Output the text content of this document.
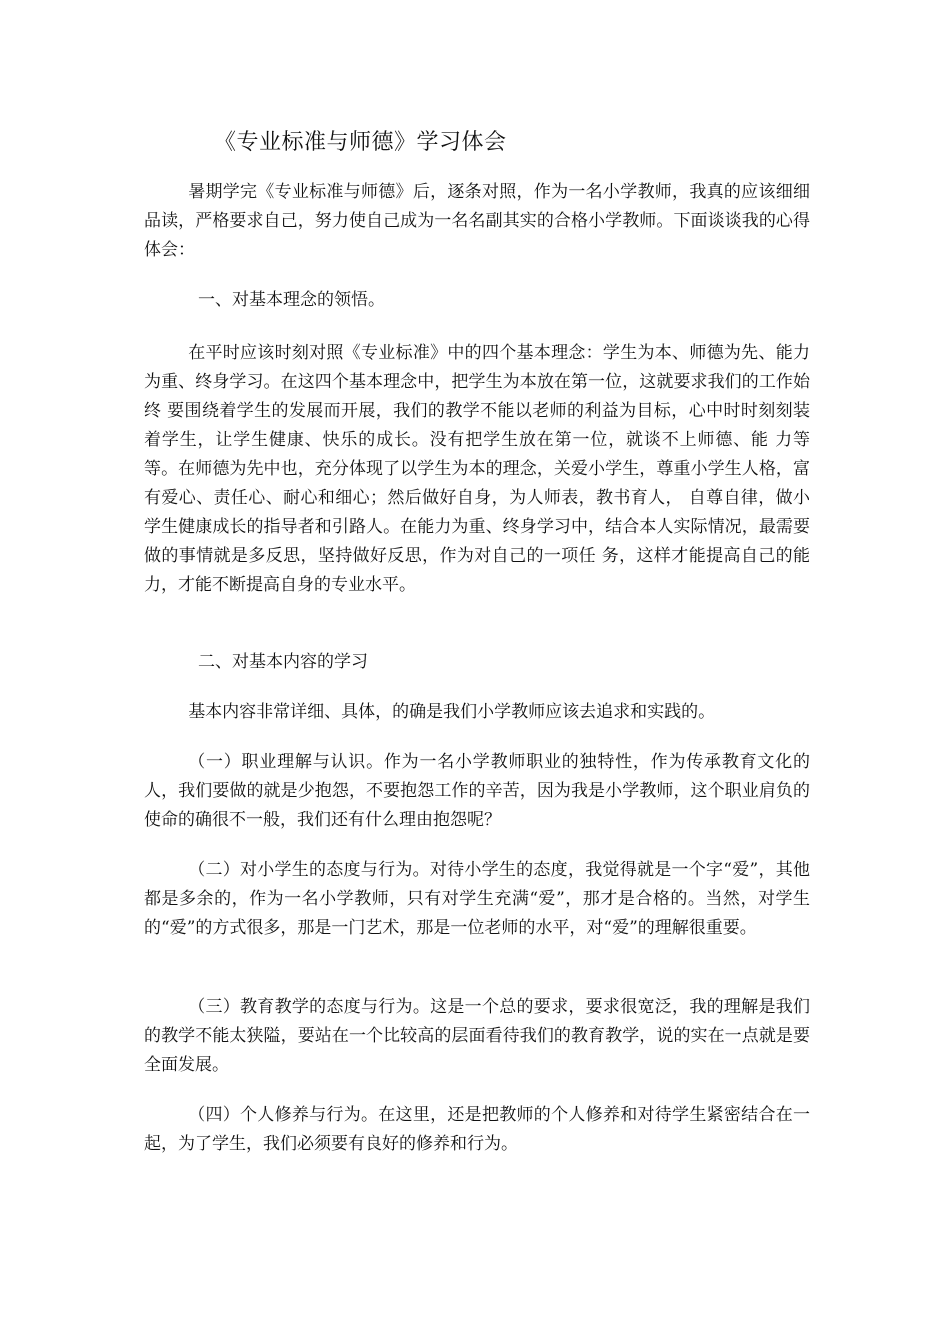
《专业标准与师德》学习体会

暑期学完《专业标准与师德》后，逐条对照，作为一名小学教师，我真的应该细细品读，严格要求自己，努力使自己成为一名名副其实的合格小学教师。下面谈谈我的心得体会：

一、对基本理念的领悟。

在平时应该时刻对照《专业标准》中的四个基本理念：学生为本、师德为先、能力为重、终身学习。在这四个基本理念中，把学生为本放在第一位，这就要求我们的工作始终 要围绕着学生的发展而开展，我们的教学不能以老师的利益为目标，心中时时刻刻装着学生，让学生健康、快乐的成长。没有把学生放在第一位，就谈不上师德、能 力等等。在师德为先中也，充分体现了以学生为本的理念，关爱小学生，尊重小学生人格，富有爱心、责任心、耐心和细心；然后做好自身，为人师表，教书育人， 自尊自律，做小学生健康成长的指导者和引路人。在能力为重、终身学习中，结合本人实际情况，最需要做的事情就是多反思，坚持做好反思，作为对自己的一项任 务，这样才能提高自己的能力，才能不断提高自身的专业水平。

二、对基本内容的学习

基本内容非常详细、具体，的确是我们小学教师应该去追求和实践的。

（一）职业理解与认识。作为一名小学教师职业的独特性，作为传承教育文化的人，我们要做的就是少抱怨，不要抱怨工作的辛苦，因为我是小学教师，这个职业肩负的使命的确很不一般，我们还有什么理由抱怨呢？

（二）对小学生的态度与行为。对待小学生的态度，我觉得就是一个字“爱”，其他都是多余的，作为一名小学教师，只有对学生充满“爱”，那才是合格的。当然，对学生的“爱”的方式很多，那是一门艺术，那是一位老师的水平，对“爱”的理解很重要。

（三）教育教学的态度与行为。这是一个总的要求，要求很宽泛，我的理解是我们的教学不能太狭隘，要站在一个比较高的层面看待我们的教育教学，说的实在一点就是要全面发展。

（四）个人修养与行为。在这里，还是把教师的个人修养和对待学生紧密结合在一起，为了学生，我们必须要有良好的修养和行为。
